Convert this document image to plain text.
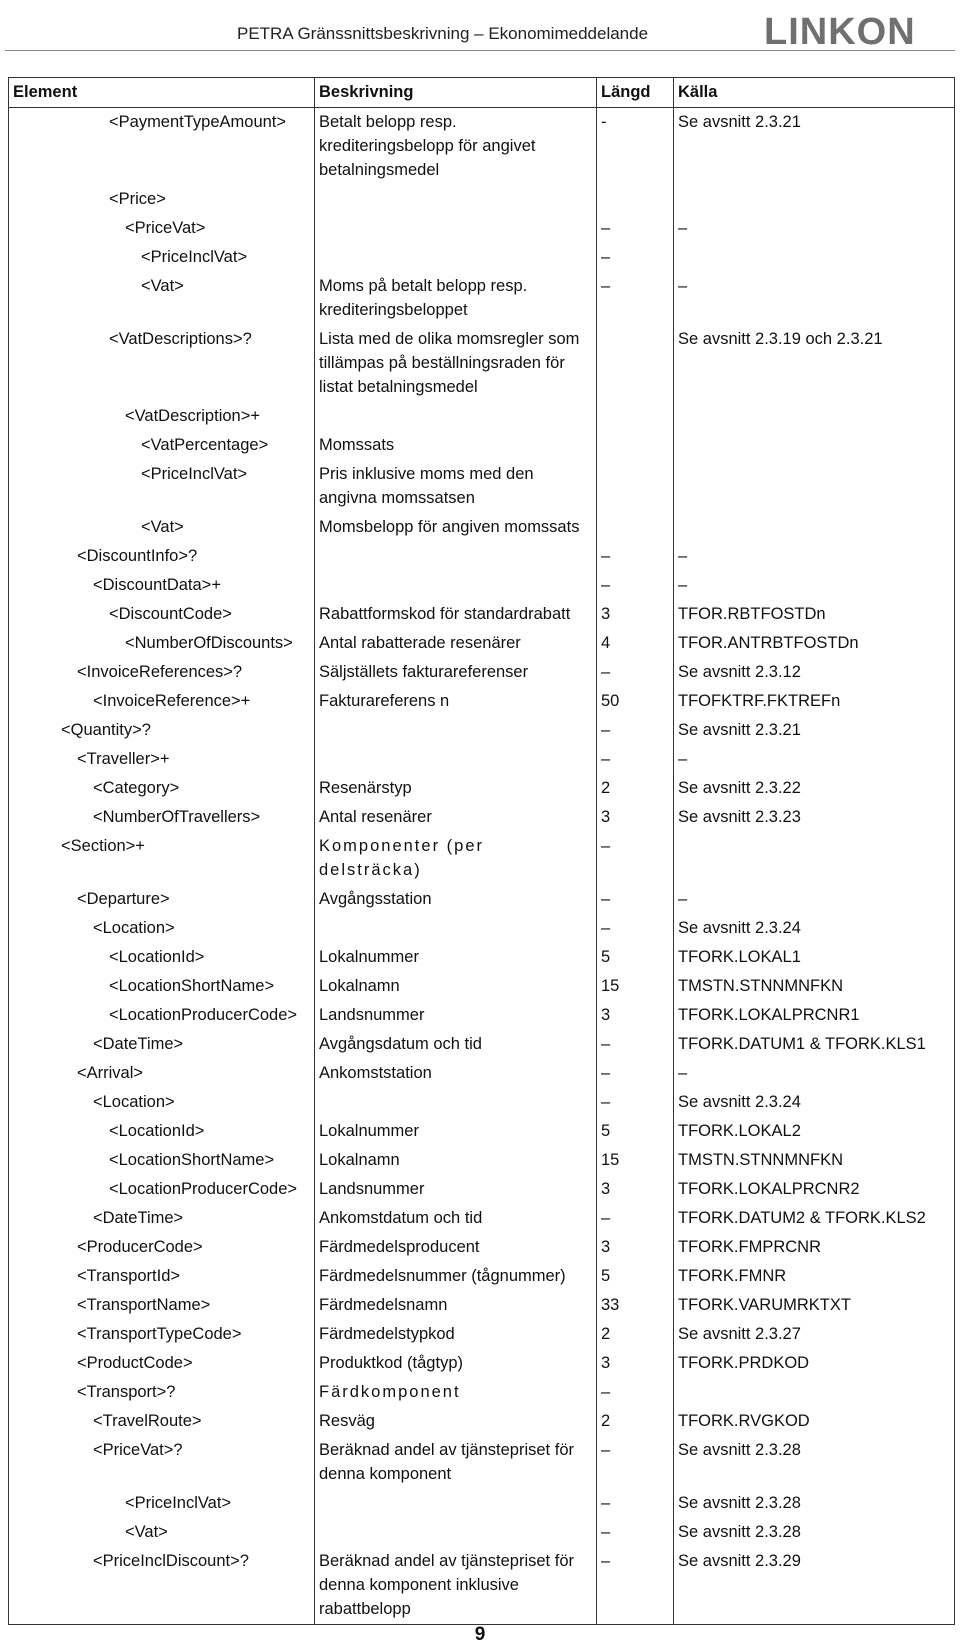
PETRA Gränssnittsbeskrivning – Ekonomimeddelande	LINKON
Element	Beskrivning	Längd	Källa
<PaymentTypeAmount>	Betalt belopp resp. krediteringsbelopp för angivet betalningsmedel	-	Se avsnitt 2.3.21
<Price>			
<PriceVat>		–	–
<PriceInclVat>		–	
<Vat>	Moms på betalt belopp resp. krediteringsbeloppet	–	–
<VatDescriptions>?	Lista med de olika momsregler som tillämpas på beställningsraden för listat betalningsmedel		Se avsnitt 2.3.19 och 2.3.21
<VatDescription>+			
<VatPercentage>	Momssats		
<PriceInclVat>	Pris inklusive moms med den angivna momssatsen		
<Vat>	Momsbelopp för angiven momssats		
<DiscountInfo>?		–	–
<DiscountData>+		–	–
<DiscountCode>	Rabattformskod för standardrabatt	3	TFOR.RBTFOSTDn
<NumberOfDiscounts>	Antal rabatterade resenärer	4	TFOR.ANTRBTFOSTDn
<InvoiceReferences>?	Säljställets fakturareferenser	–	Se avsnitt 2.3.12
<InvoiceReference>+	Fakturareferens n	50	TFOFKTRF.FKTREFn
<Quantity>?		–	Se avsnitt 2.3.21
<Traveller>+		–	–
<Category>	Resenärstyp	2	Se avsnitt 2.3.22
<NumberOfTravellers>	Antal resenärer	3	Se avsnitt 2.3.23
<Section>+	Komponenter (per delsträcka)	–	
<Departure>	Avgångsstation	–	–
<Location>		–	Se avsnitt 2.3.24
<LocationId>	Lokalnummer	5	TFORK.LOKAL1
<LocationShortName>	Lokalnamn	15	TMSTN.STNNMNFKN
<LocationProducerCode>	Landsnummer	3	TFORK.LOKALPRCNR1
<DateTime>	Avgångsdatum och tid	–	TFORK.DATUM1 & TFORK.KLS1
<Arrival>	Ankomststation	–	–
<Location>		–	Se avsnitt 2.3.24
<LocationId>	Lokalnummer	5	TFORK.LOKAL2
<LocationShortName>	Lokalnamn	15	TMSTN.STNNMNFKN
<LocationProducerCode>	Landsnummer	3	TFORK.LOKALPRCNR2
<DateTime>	Ankomstdatum och tid	–	TFORK.DATUM2 & TFORK.KLS2
<ProducerCode>	Färdmedelsproducent	3	TFORK.FMPRCNR
<TransportId>	Färdmedelsnummer (tågnummer)	5	TFORK.FMNR
<TransportName>	Färdmedelsnamn	33	TFORK.VARUMRKTXT
<TransportTypeCode>	Färdmedelstypkod	2	Se avsnitt 2.3.27
<ProductCode>	Produktkod (tågtyp)	3	TFORK.PRDKOD
<Transport>?	Färdkomponent	–	
<TravelRoute>	Resväg	2	TFORK.RVGKOD
<PriceVat>?	Beräknad andel av tjänstepriset för denna komponent	–	Se avsnitt 2.3.28
<PriceInclVat>		–	Se avsnitt 2.3.28
<Vat>		–	Se avsnitt 2.3.28
<PriceInclDiscount>?	Beräknad andel av tjänstepriset för denna komponent inklusive rabattbelopp	–	Se avsnitt 2.3.29
9
